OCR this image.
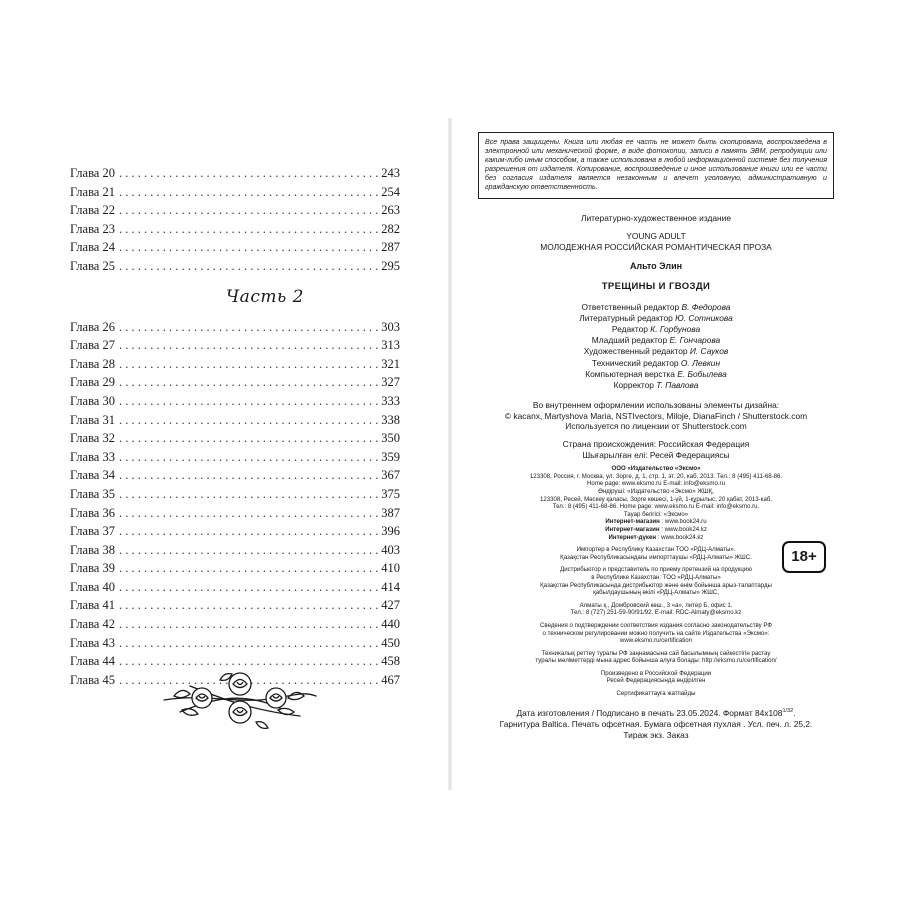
Глава 20 . . .	243
Глава 21 . . .	254
Глава 22 . . .	263
Глава 23 . . .	282
Глава 24 . . .	287
Глава 25 . . .	295
Часть 2
Глава 26 . . .	303
Глава 27 . . .	313
Глава 28 . . .	321
Глава 29 . . .	327
Глава 30 . . .	333
Глава 31 . . .	338
Глава 32 . . .	350
Глава 33 . . .	359
Глава 34 . . .	367
Глава 35 . . .	375
Глава 36 . . .	387
Глава 37 . . .	396
Глава 38 . . .	403
Глава 39 . . .	410
Глава 40 . . .	414
Глава 41 . . .	427
Глава 42 . . .	440
Глава 43 . . .	450
Глава 44 . . .	458
Глава 45 . . .	467
Все права защищены. Книга или любая ее часть не может быть скопирована, воспроизведена в электронной или механической форме, в виде фотокопии, записи в память ЭВМ, репродукции или каким-либо иным способом, а также использована в любой информационной системе без получения разрешения от издателя. Копирование, воспроизведение и иное использование книги или ее части без согласия издателя является незаконным и влечет уголовную, административную и гражданскую ответственность.
Литературно-художественное издание
YOUNG ADULT
МОЛОДЕЖНАЯ РОССИЙСКАЯ РОМАНТИЧЕСКАЯ ПРОЗА
Альто Элин
ТРЕЩИНЫ И ГВОЗДИ
Ответственный редактор В. Федорова
Литературный редактор Ю. Сотникова
Редактор К. Горбунова
Младший редактор Е. Гончарова
Художественный редактор И. Сауков
Технический редактор О. Левкин
Компьютерная верстка Е. Бобылева
Корректор Т. Павлова
Во внутреннем оформлении использованы элементы дизайна:
© kacanx, Martyshova Maria, NSTIvectors, Miloje, DianaFinch / Shutterstock.com
Используется по лицензии от Shutterstock.com
Страна происхождения: Российская Федерация
Шығарылған елі: Ресей Федерациясы
ООО «Издательство «Эксмо»
123308, Россия, г. Москва, ул. Зорге, д. 1, стр. 1, эт. 20, каб. 2013. Тел.: 8 (495) 411-68-86.
Home page: www.eksmo.ru E-mail: info@eksmo.ru
Өндіруші: «Издательство «Эксмо» ЖШҚ,
123308, Ресей, Мәскеу қаласы, Зорге көшесі, 1-үй, 1-құрылыс, 20 қабат, 2013-каб.
Тел.: 8 (495) 411-68-86. Home page: www.eksmo.ru E-mail: info@eksmo.ru.
Тауар белгісі: «Эксмо»
Интернет-магазин : www.book24.ru
Интернет-магазин : www.book24.kz
Интернет-дүкен : www.book24.kz
Импортер в Республику Казахстан ТОО «РДЦ-Алматы».
Қазақстан Республикасындағы импорттаушы «РДЦ-Алматы» ЖШС.
Дистрибьютор и представитель по приему претензий на продукцию
в Республике Казахстан: ТОО «РДЦ-Алматы»
Қазақстан Республикасында дистрибьютор және өнім бойынша арыз-талаптарды
қабылдаушының өкілі «РДЦ-Алматы» ЖШС,
Алматы қ., Домбровский көш., 3 «а», литер Б, офис 1.
Тел.: 8 (727) 251-59-90/91/92. E-mail: RDC-Almaty@eksmo.kz
Сведения о подтверждении соответствия издания согласно законодательству РФ
о техническом регулировании можно получить на сайте Издательства «Эксмо»:
www.eksmo.ru/certification
Техникалық реттеу туралы РФ заңнамасына сай басылымның сәйкестігін растау
туралы мәліметтерді мына адрес бойынша алуға болады: http://eksmo.ru/certification/
Произведено в Российской Федерации
Ресей Федерациясында өндірілген
Сертификаттауға жатпайды
18+
Дата изготовления / Подписано в печать 23.05.2024. Формат $84x108^{1/32}$.
Гарнитура Baltica. Печать офсетная. Бумага офсетная пухлая . Усл. печ. л. 25,2.
Тираж экз. Заказ
